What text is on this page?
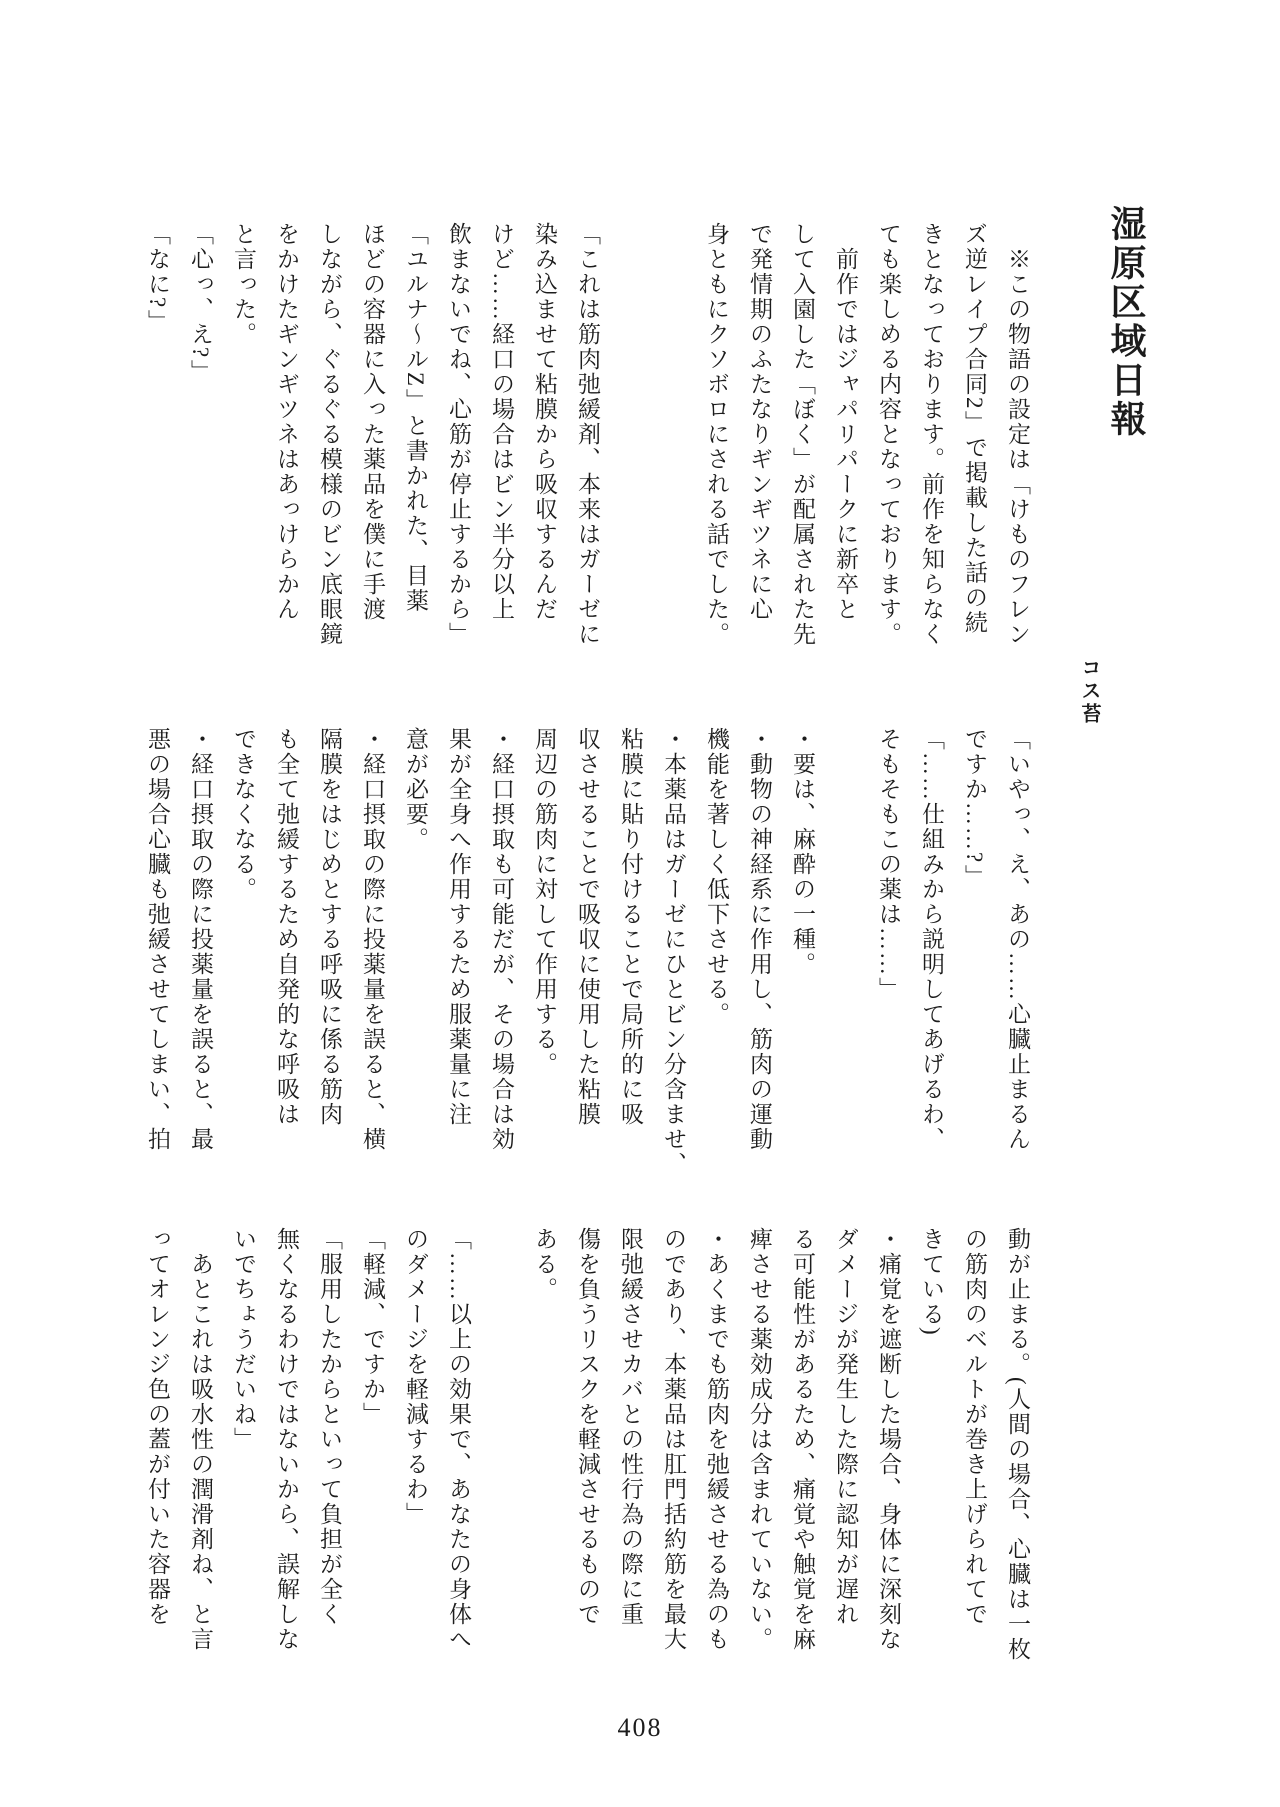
湿原区域日報
コス苔
　※この物語の設定は「けものフレン
ズ逆レイプ合同2」で掲載した話の続
きとなっております。前作を知らなく
ても楽しめる内容となっております。
　前作ではジャパリパークに新卒と
して入園した「ぼく」が配属された先
で発情期のふたなりギンギツネに心
身ともにクソボロにされる話でした。
「これは筋肉弛緩剤、本来はガーゼに
染み込ませて粘膜から吸収するんだ
けど……経口の場合はビン半分以上
飲まないでね、心筋が停止するから」
「ユルナ〜ルZ」と書かれた、目薬
ほどの容器に入った薬品を僕に手渡
しながら、ぐるぐる模様のビン底眼鏡
をかけたギンギツネはあっけらかん
と言った。
「心っ、え?」
「なに?」
「いやっ、え、あの……心臓止まるん
ですか……?」
「……仕組みから説明してあげるわ、
そもそもこの薬は……」
・要は、麻酔の一種。
・動物の神経系に作用し、筋肉の運動
機能を著しく低下させる。
・本薬品はガーゼにひとビン分含ませ、
粘膜に貼り付けることで局所的に吸
収させることで吸収に使用した粘膜
周辺の筋肉に対して作用する。
・経口摂取も可能だが、その場合は効
果が全身へ作用するため服薬量に注
意が必要。
・経口摂取の際に投薬量を誤ると、横
隔膜をはじめとする呼吸に係る筋肉
も全て弛緩するため自発的な呼吸は
できなくなる。
・経口摂取の際に投薬量を誤ると、最
悪の場合心臓も弛緩させてしまい、拍
動が止まる。(人間の場合、心臓は一枚
の筋肉のベルトが巻き上げられてで
きている)
・痛覚を遮断した場合、身体に深刻な
ダメージが発生した際に認知が遅れ
る可能性があるため、痛覚や触覚を麻
痺させる薬効成分は含まれていない。
・あくまでも筋肉を弛緩させる為のも
のであり、本薬品は肛門括約筋を最大
限弛緩させカバとの性行為の際に重
傷を負うリスクを軽減させるもので
ある。
「……以上の効果で、あなたの身体へ
のダメージを軽減するわ」
「軽減、ですか」
「服用したからといって負担が全く
無くなるわけではないから、誤解しな
いでちょうだいね」
　あとこれは吸水性の潤滑剤ね、と言
ってオレンジ色の蓋が付いた容器を
408
